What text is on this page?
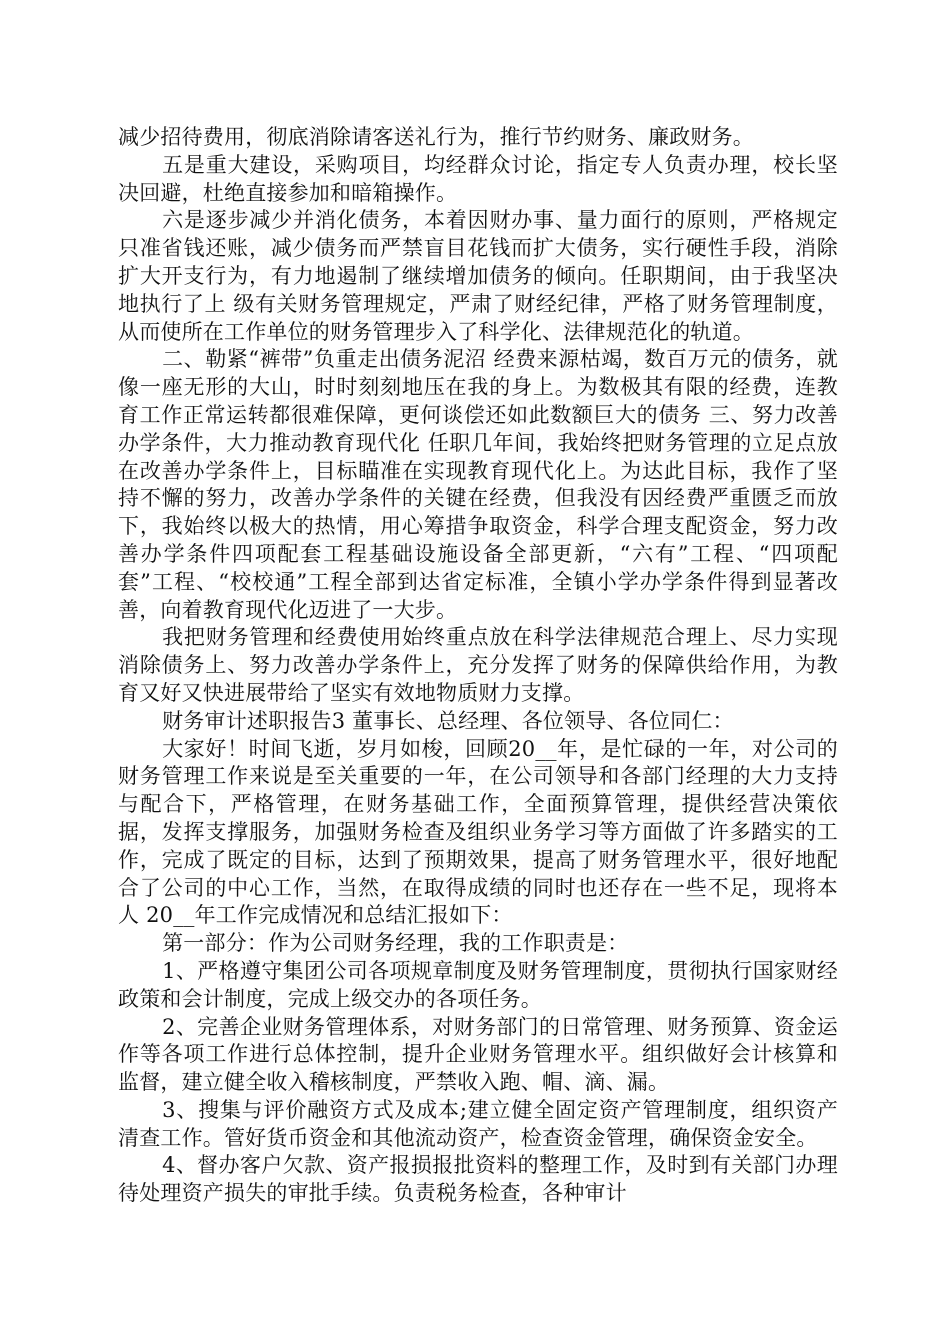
减少招待费用，彻底消除请客送礼行为，推行节约财务、廉政财务。

五是重大建设，采购项目，均经群众讨论，指定专人负责办理，校长坚决回避，杜绝直接参加和暗箱操作。

六是逐步减少并消化债务，本着因财办事、量力面行的原则，严格规定只准省钱还账，减少债务而严禁盲目花钱而扩大债务，实行硬性手段，消除扩大开支行为，有力地遏制了继续增加债务的倾向。任职期间，由于我坚决地执行了上 级有关财务管理规定，严肃了财经纪律，严格了财务管理制度，从而使所在工作单位的财务管理步入了科学化、法律规范化的轨道。

二、勒紧“裤带”负重走出债务泥沼 经费来源枯竭，数百万元的债务，就像一座无形的大山，时时刻刻地压在我的身上。为数极其有限的经费，连教育工作正常运转都很难保障，更何谈偿还如此数额巨大的债务 三、努力改善办学条件，大力推动教育现代化 任职几年间，我始终把财务管理的立足点放在改善办学条件上，目标瞄准在实现教育现代化上。为达此目标，我作了坚持不懈的努力，改善办学条件的关键在经费，但我没有因经费严重匮乏而放下，我始终以极大的热情，用心筹措争取资金，科学合理支配资金，努力改善办学条件四项配套工程基础设施设备全部更新，“六有”工程、“四项配套”工程、“校校通”工程全部到达省定标准，全镇小学办学条件得到显著改善，向着教育现代化迈进了一大步。

我把财务管理和经费使用始终重点放在科学法律规范合理上、尽力实现消除债务上、努力改善办学条件上，充分发挥了财务的保障供给作用，为教育又好又快进展带给了坚实有效地物质财力支撑。

财务审计述职报告3 董事长、总经理、各位领导、各位同仁：

大家好！时间飞逝，岁月如梭，回顾20__年，是忙碌的一年，对公司的财务管理工作来说是至关重要的一年，在公司领导和各部门经理的大力支持与配合下，严格管理，在财务基础工作，全面预算管理，提供经营决策依据，发挥支撑服务，加强财务检查及组织业务学习等方面做了许多踏实的工作，完成了既定的目标，达到了预期效果，提高了财务管理水平，很好地配合了公司的中心工作，当然，在取得成绩的同时也还存在一些不足，现将本人 20__年工作完成情况和总结汇报如下：

第一部分：作为公司财务经理，我的工作职责是：

1、严格遵守集团公司各项规章制度及财务管理制度，贯彻执行国家财经政策和会计制度，完成上级交办的各项任务。

2、完善企业财务管理体系，对财务部门的日常管理、财务预算、资金运作等各项工作进行总体控制，提升企业财务管理水平。组织做好会计核算和监督，建立健全收入稽核制度，严禁收入跑、帽、滴、漏。

3、搜集与评价融资方式及成本;建立健全固定资产管理制度，组织资产清查工作。管好货币资金和其他流动资产，检查资金管理，确保资金安全。

4、督办客户欠款、资产报损报批资料的整理工作，及时到有关部门办理待处理资产损失的审批手续。负责税务检查，各种审计
